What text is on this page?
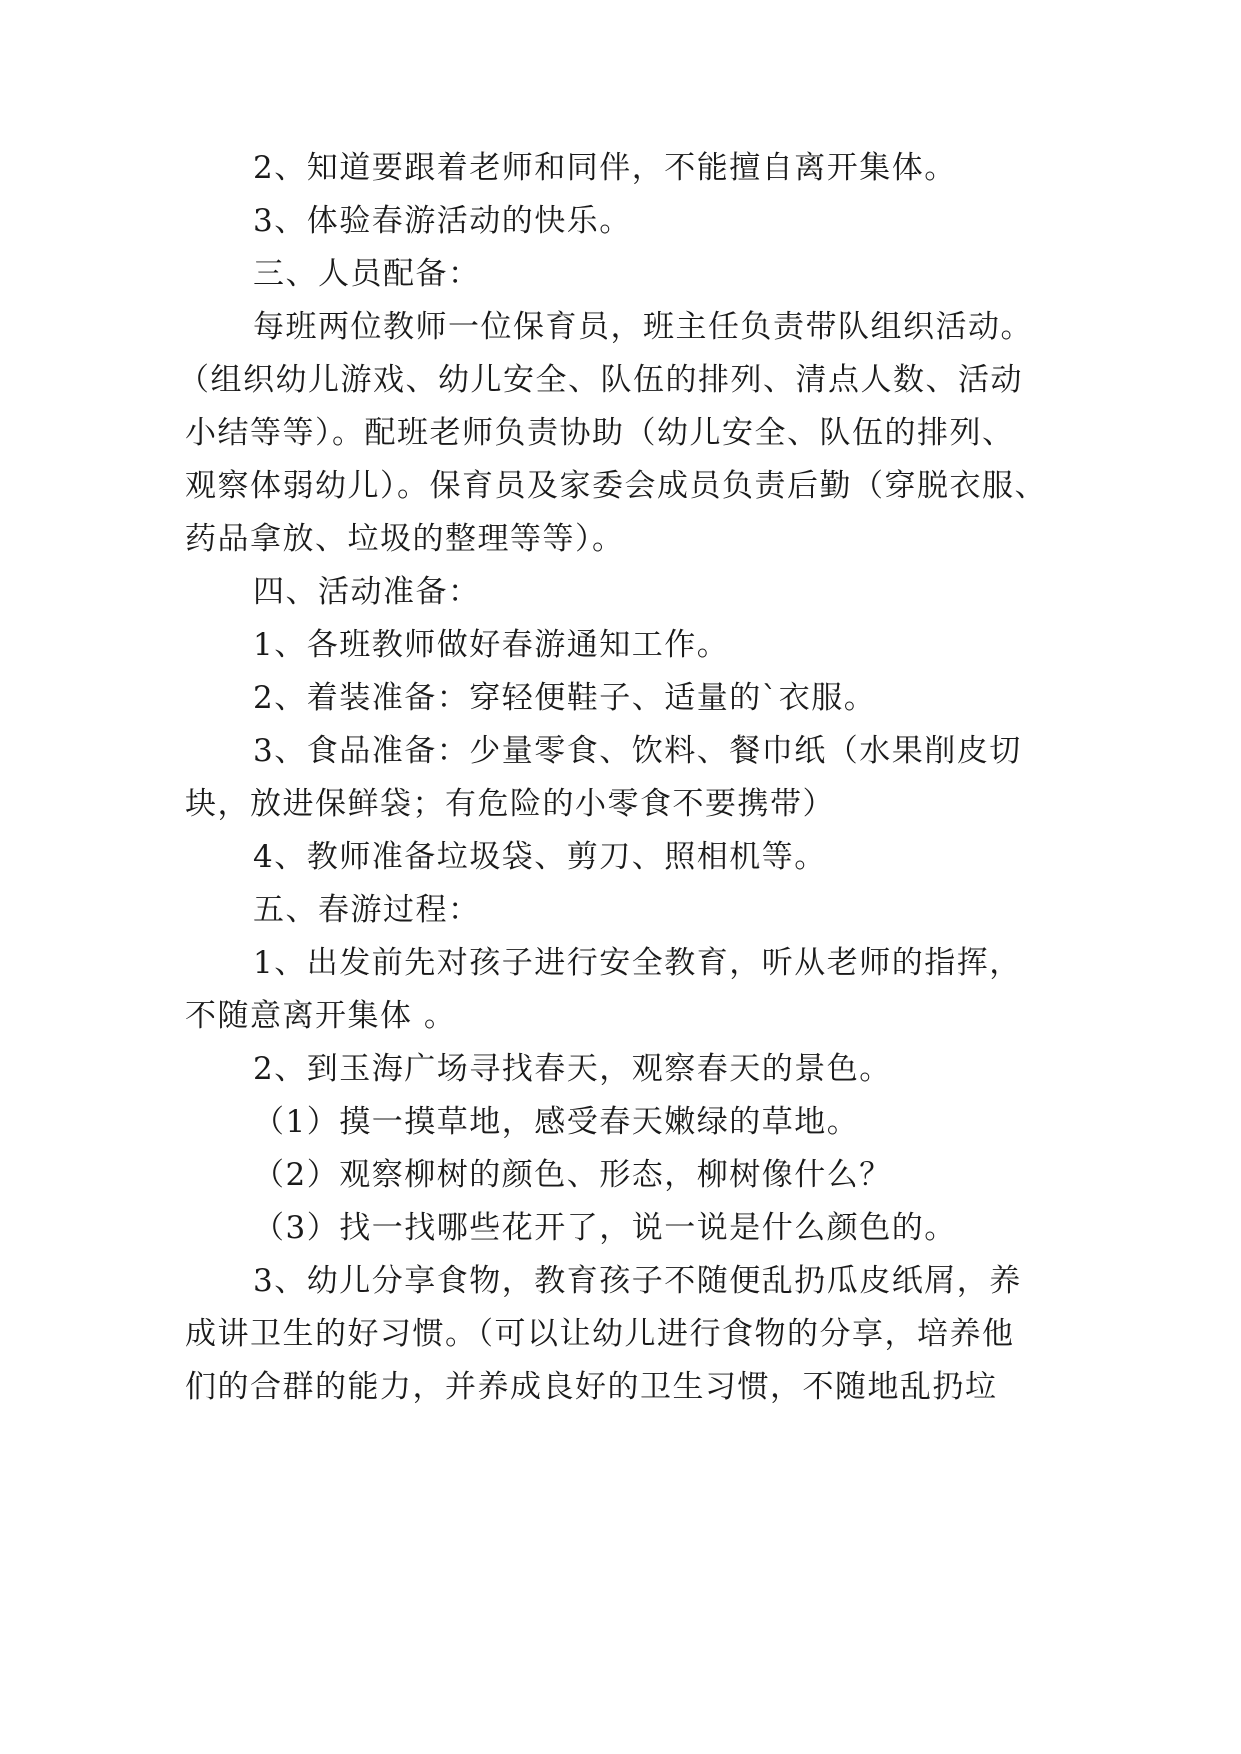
2、知道要跟着老师和同伴，不能擅自离开集体。
3、体验春游活动的快乐。
三、人员配备：
每班两位教师一位保育员，班主任负责带队组织活动。
（组织幼儿游戏、幼儿安全、队伍的排列、清点人数、活动
小结等等）。配班老师负责协助（幼儿安全、队伍的排列、
观察体弱幼儿）。保育员及家委会成员负责后勤（穿脱衣服、
药品拿放、垃圾的整理等等）。
四、活动准备：
1、各班教师做好春游通知工作。
2、着装准备：穿轻便鞋子、适量的`衣服。
3、食品准备：少量零食、饮料、餐巾纸（水果削皮切
块，放进保鲜袋；有危险的小零食不要携带）
4、教师准备垃圾袋、剪刀、照相机等。
五、春游过程：
1、出发前先对孩子进行安全教育，听从老师的指挥，
不随意离开集体 。
2、到玉海广场寻找春天，观察春天的景色。
（1）摸一摸草地，感受春天嫩绿的草地。
（2）观察柳树的颜色、形态，柳树像什么？
（3）找一找哪些花开了，说一说是什么颜色的。
3、幼儿分享食物，教育孩子不随便乱扔瓜皮纸屑，养
成讲卫生的好习惯。（可以让幼儿进行食物的分享，培养他
们的合群的能力，并养成良好的卫生习惯，不随地乱扔垃
